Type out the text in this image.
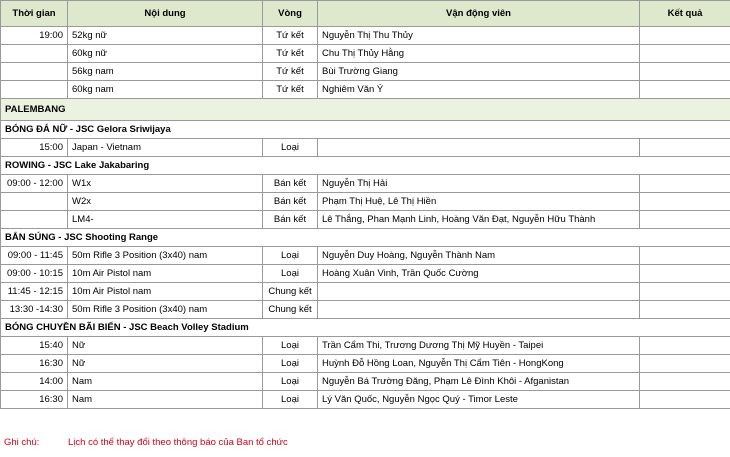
Thời gian	Nội dung	Vòng	Vận động viên	Kết quả
19:00	52kg nữ	Tứ kết	Nguyễn Thị Thu Thủy	
	60kg nữ	Tứ kết	Chu Thị Thủy Hằng	
	56kg nam	Tứ kết	Bùi Trường Giang	
	60kg nam	Tứ kết	Nghiêm Văn Ý	
PALEMBANG				
BÓNG ĐÁ NỮ - JSC Gelora Sriwijaya				
15:00	Japan - Vietnam	Loại		
ROWING - JSC Lake Jakabaring				
09:00 - 12:00	W1x	Bán kết	Nguyễn Thị Hải	
	W2x	Bán kết	Phạm Thị Huệ, Lê Thị Hiền	
	LM4-	Bán kết	Lê Thắng, Phan Mạnh Linh, Hoàng Văn Đạt, Nguyễn Hữu Thành	
BẮN SÚNG - JSC Shooting Range				
09:00 - 11:45	50m Rifle 3 Position (3x40) nam	Loại	Nguyễn Duy Hoàng, Nguyễn Thành Nam	
09:00 - 10:15	10m Air Pistol nam	Loại	Hoàng Xuân Vinh, Trần Quốc Cường	
11:45 - 12:15	10m Air Pistol nam	Chung kết		
13:30 -14:30	50m Rifle 3 Position (3x40) nam	Chung kết		
BÓNG CHUYỀN BÃI BIỂN - JSC Beach Volley Stadium				
15:40	Nữ	Loại	Trần Cẩm Thi, Trương Dương Thị Mỹ Huyền - Taipei	
16:30	Nữ	Loại	Huỳnh Đỗ Hồng Loan, Nguyễn Thị Cẩm Tiên - HongKong	
14:00	Nam	Loại	Nguyễn Bá Trường Đăng, Phạm Lê Đình Khôi - Afganistan	
16:30	Nam	Loại	Lý Văn Quốc, Nguyễn Ngọc Quý - Timor Leste	
Ghi chú:	Lịch có thể thay đổi theo thông báo của Ban tổ chức
